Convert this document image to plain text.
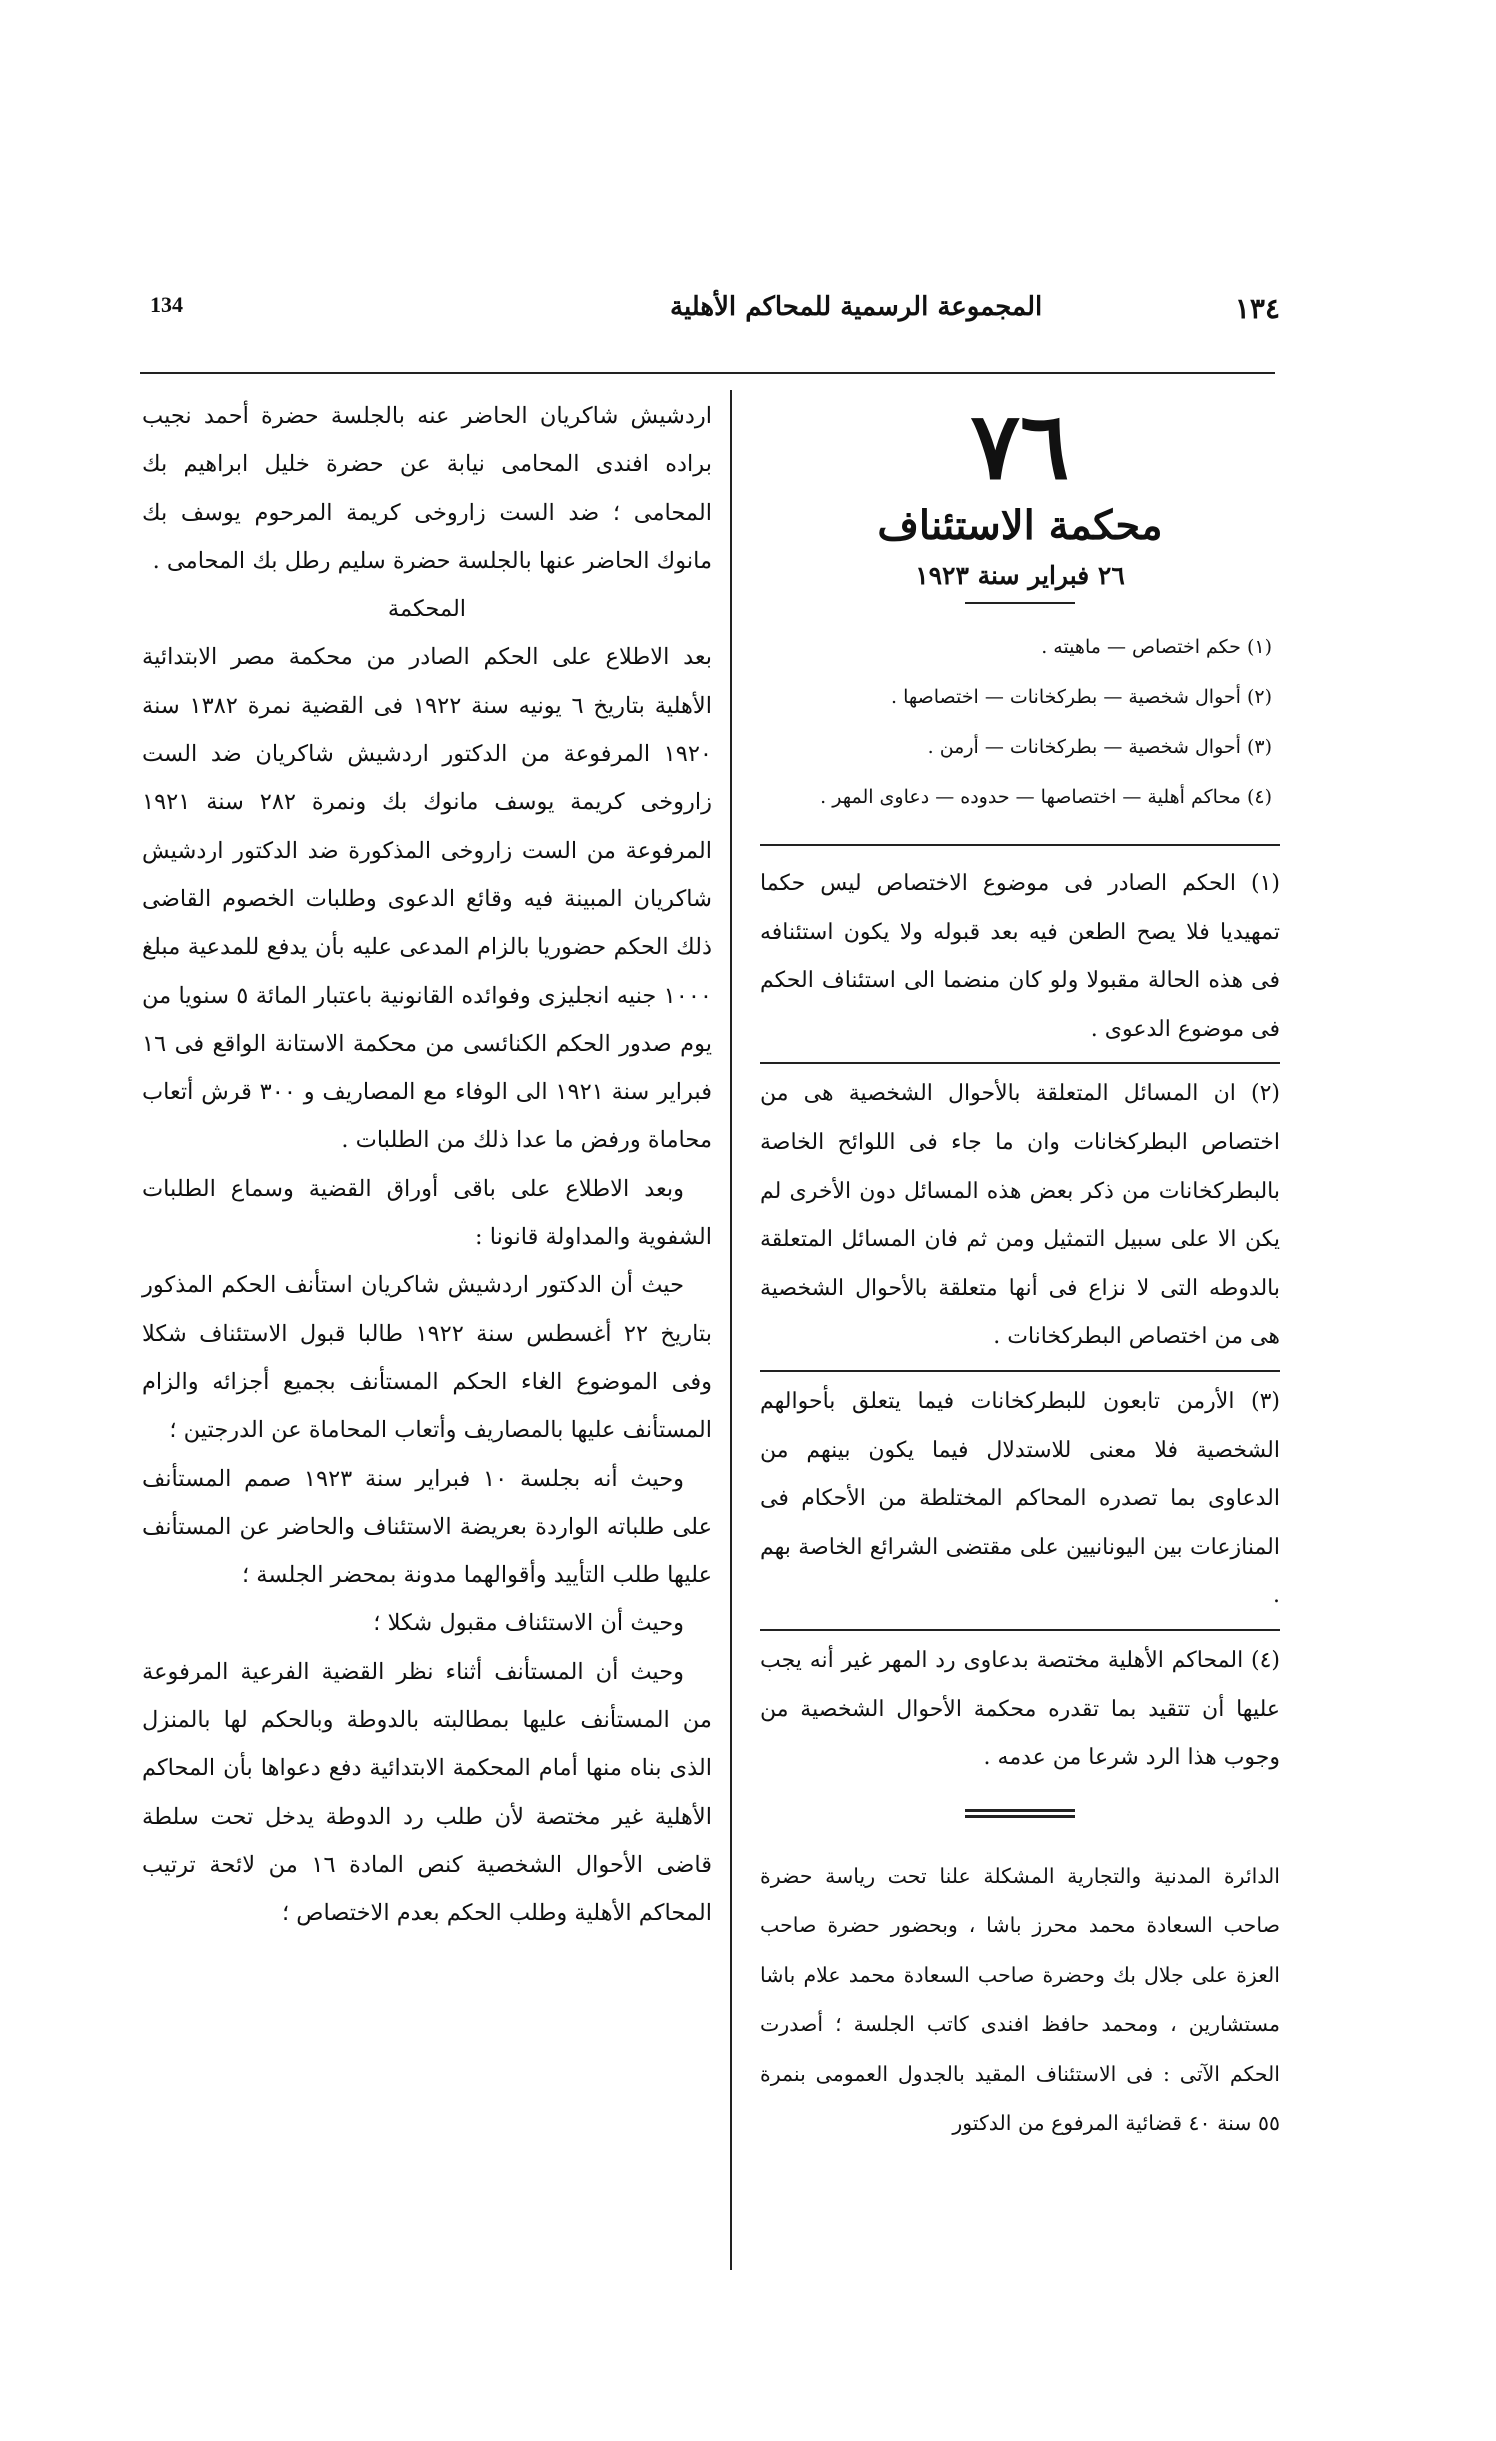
134	المجموعة الرسمية للمحاكم الأهلية	١٣٤
٧٦
محكمة الاستئناف
٢٦ فبراير سنة ١٩٢٣
(١) حكم اختصاص — ماهيته .
(٢) أحوال شخصية — بطركخانات — اختصاصها .
(٣) أحوال شخصية — بطركخانات — أرمن .
(٤) محاكم أهلية — اختصاصها — حدوده — دعاوى المهر .

(١) الحكم الصادر فى موضوع الاختصاص ليس حكما تمهيديا فلا يصح الطعن فيه بعد قبوله ولا يكون استئنافه فى هذه الحالة مقبولا ولو كان منضما الى استئناف الحكم فى موضوع الدعوى .

(٢) ان المسائل المتعلقة بالأحوال الشخصية هى من اختصاص البطركخانات وان ما جاء فى اللوائح الخاصة بالبطركخانات من ذكر بعض هذه المسائل دون الأخرى لم يكن الا على سبيل التمثيل ومن ثم فان المسائل المتعلقة بالدوطه التى لا نزاع فى أنها متعلقة بالأحوال الشخصية هى من اختصاص البطركخانات .

(٣) الأرمن تابعون للبطركخانات فيما يتعلق بأحوالهم الشخصية فلا معنى للاستدلال فيما يكون بينهم من الدعاوى بما تصدره المحاكم المختلطة من الأحكام فى المنازعات بين اليونانيين على مقتضى الشرائع الخاصة بهم .

(٤) المحاكم الأهلية مختصة بدعاوى رد المهر غير أنه يجب عليها أن تتقيد بما تقدره محكمة الأحوال الشخصية من وجوب هذا الرد شرعا من عدمه .

الدائرة المدنية والتجارية المشكلة علنا تحت رياسة حضرة صاحب السعادة محمد محرز باشا ، وبحضور حضرة صاحب العزة على جلال بك وحضرة صاحب السعادة محمد علام باشا مستشارين ، ومحمد حافظ افندى كاتب الجلسة ؛ أصدرت الحكم الآتى : فى الاستئناف المقيد بالجدول العمومى بنمرة ٥٥ سنة ٤٠ قضائية المرفوع من الدكتور

اردشيش شاكريان الحاضر عنه بالجلسة حضرة أحمد نجيب براده افندى المحامى نيابة عن حضرة خليل ابراهيم بك المحامى ؛ ضد الست زاروخى كريمة المرحوم يوسف بك مانوك الحاضر عنها بالجلسة حضرة سليم رطل بك المحامى .

المحكمة

بعد الاطلاع على الحكم الصادر من محكمة مصر الابتدائية الأهلية بتاريخ ٦ يونيه سنة ١٩٢٢ فى القضية نمرة ١٣٨٢ سنة ١٩٢٠ المرفوعة من الدكتور اردشيش شاكريان ضد الست زاروخى كريمة يوسف مانوك بك ونمرة ٢٨٢ سنة ١٩٢١ المرفوعة من الست زاروخى المذكورة ضد الدكتور اردشيش شاكريان المبينة فيه وقائع الدعوى وطلبات الخصوم القاضى ذلك الحكم حضوريا بالزام المدعى عليه بأن يدفع للمدعية مبلغ ١٠٠٠ جنيه انجليزى وفوائده القانونية باعتبار المائة ٥ سنويا من يوم صدور الحكم الكنائسى من محكمة الاستانة الواقع فى ١٦ فبراير سنة ١٩٢١ الى الوفاء مع المصاريف و ٣٠٠ قرش أتعاب محاماة ورفض ما عدا ذلك من الطلبات .

وبعد الاطلاع على باقى أوراق القضية وسماع الطلبات الشفوية والمداولة قانونا :

حيث أن الدكتور اردشيش شاكريان استأنف الحكم المذكور بتاريخ ٢٢ أغسطس سنة ١٩٢٢ طالبا قبول الاستئناف شكلا وفى الموضوع الغاء الحكم المستأنف بجميع أجزائه والزام المستأنف عليها بالمصاريف وأتعاب المحاماة عن الدرجتين ؛

وحيث أنه بجلسة ١٠ فبراير سنة ١٩٢٣ صمم المستأنف على طلباته الواردة بعريضة الاستئناف والحاضر عن المستأنف عليها طلب التأييد وأقوالهما مدونة بمحضر الجلسة ؛

وحيث أن الاستئناف مقبول شكلا ؛

وحيث أن المستأنف أثناء نظر القضية الفرعية المرفوعة من المستأنف عليها بمطالبته بالدوطة وبالحكم لها بالمنزل الذى بناه منها أمام المحكمة الابتدائية دفع دعواها بأن المحاكم الأهلية غير مختصة لأن طلب رد الدوطة يدخل تحت سلطة قاضى الأحوال الشخصية كنص المادة ١٦ من لائحة ترتيب المحاكم الأهلية وطلب الحكم بعدم الاختصاص ؛
